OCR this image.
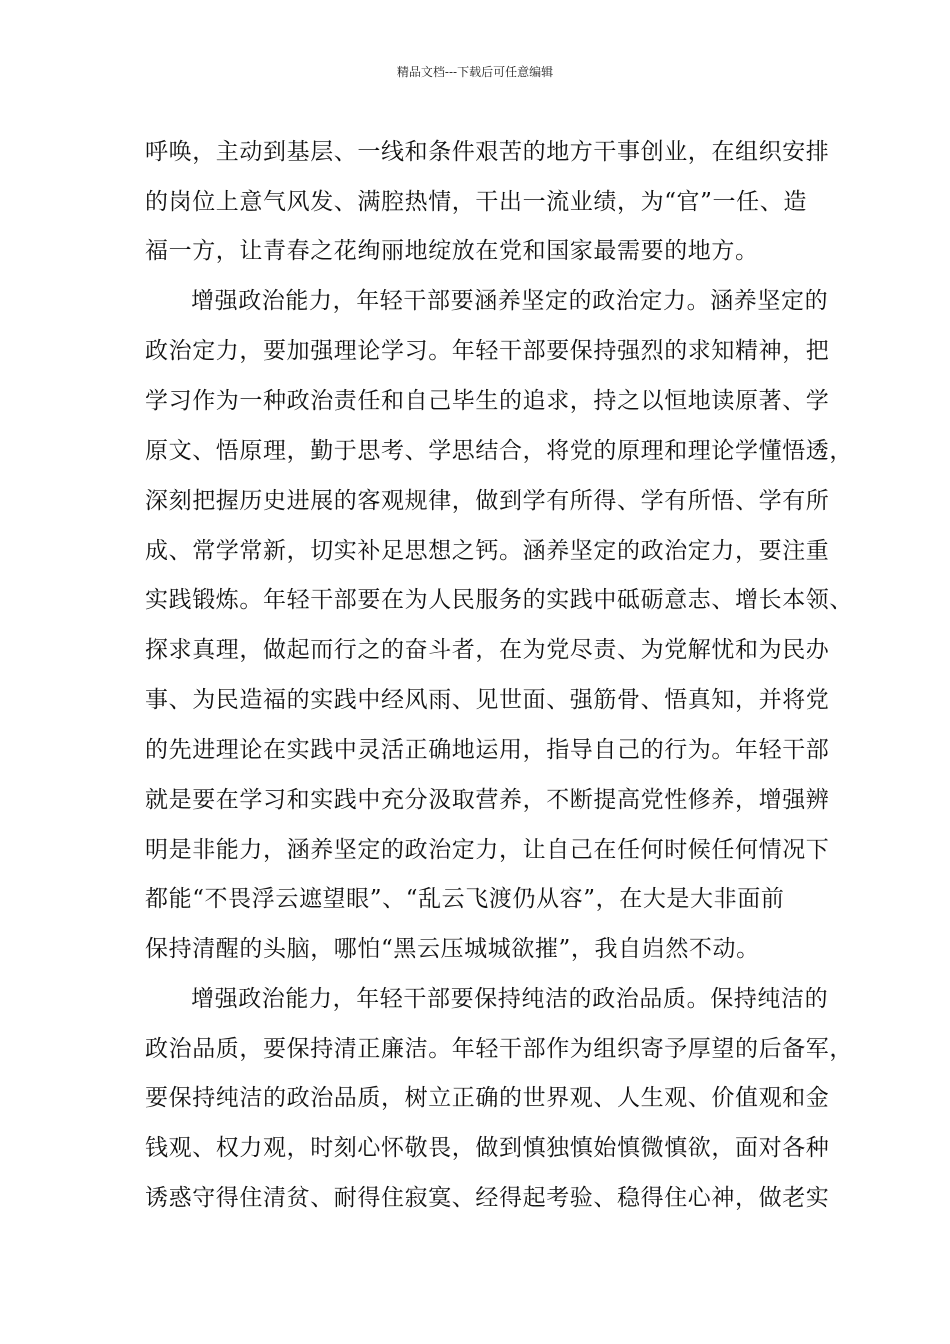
精品文档---下载后可任意编辑
呼唤，主动到基层、一线和条件艰苦的地方干事创业，在组织安排
的岗位上意气风发、满腔热情，干出一流业绩，为“官”一任、造
福一方，让青春之花绚丽地绽放在党和国家最需要的地方。
增强政治能力，年轻干部要涵养坚定的政治定力。涵养坚定的
政治定力，要加强理论学习。年轻干部要保持强烈的求知精神，把
学习作为一种政治责任和自己毕生的追求，持之以恒地读原著、学
原文、悟原理，勤于思考、学思结合，将党的原理和理论学懂悟透，
深刻把握历史进展的客观规律，做到学有所得、学有所悟、学有所
成、常学常新，切实补足思想之钙。涵养坚定的政治定力，要注重
实践锻炼。年轻干部要在为人民服务的实践中砥砺意志、增长本领、
探求真理，做起而行之的奋斗者，在为党尽责、为党解忧和为民办
事、为民造福的实践中经风雨、见世面、强筋骨、悟真知，并将党
的先进理论在实践中灵活正确地运用，指导自己的行为。年轻干部
就是要在学习和实践中充分汲取营养，不断提高党性修养，增强辨
明是非能力，涵养坚定的政治定力，让自己在任何时候任何情况下
都能“不畏浮云遮望眼”、“乱云飞渡仍从容”，在大是大非面前
保持清醒的头脑，哪怕“黑云压城城欲摧”，我自岿然不动。
增强政治能力，年轻干部要保持纯洁的政治品质。保持纯洁的
政治品质，要保持清正廉洁。年轻干部作为组织寄予厚望的后备军，
要保持纯洁的政治品质，树立正确的世界观、人生观、价值观和金
钱观、权力观，时刻心怀敬畏，做到慎独慎始慎微慎欲，面对各种
诱惑守得住清贫、耐得住寂寞、经得起考验、稳得住心神，做老实
